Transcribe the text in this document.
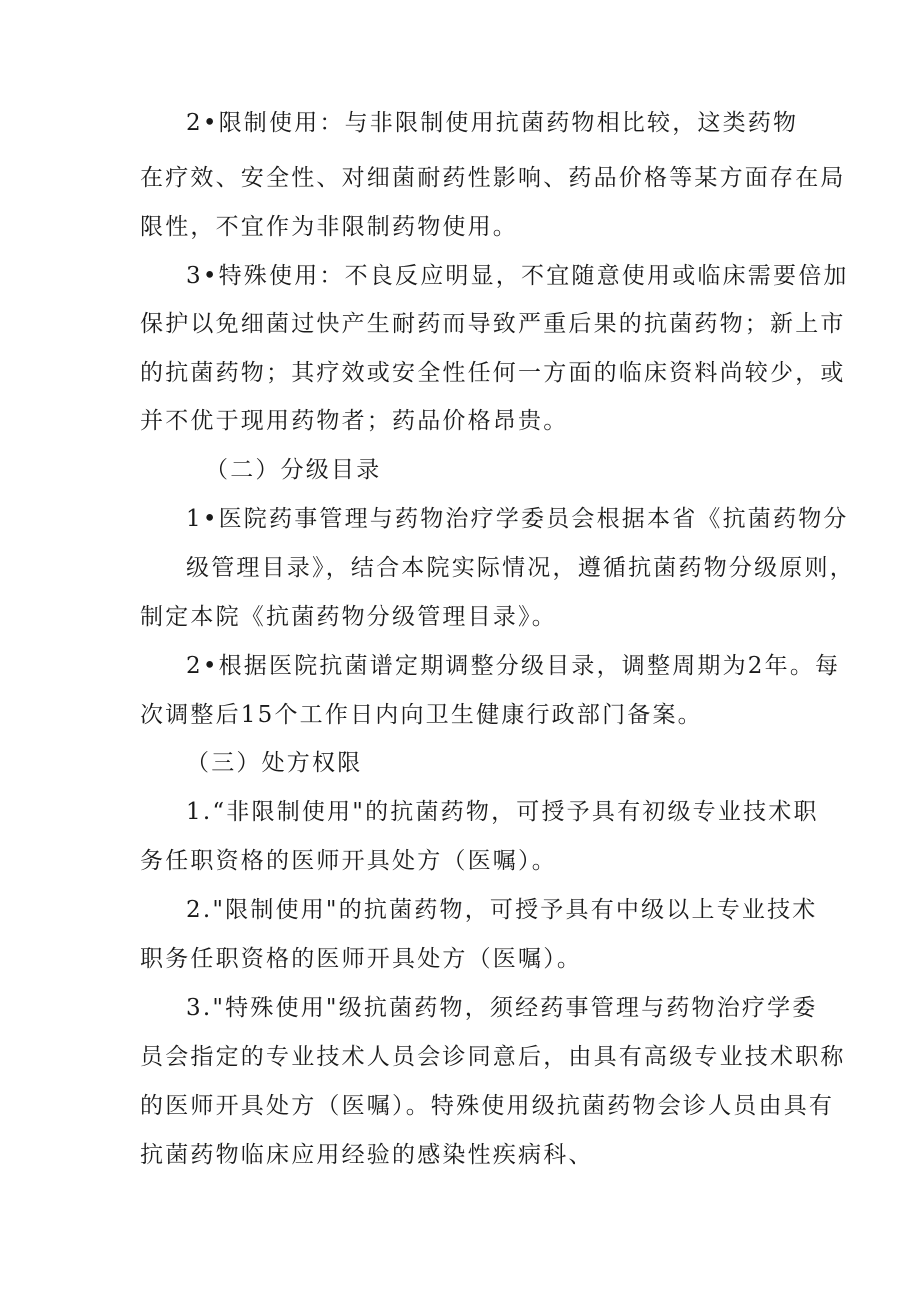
2•限制使用：与非限制使用抗菌药物相比较，这类药物
在疗效、安全性、对细菌耐药性影响、药品价格等某方面存在局
限性，不宜作为非限制药物使用。
3•特殊使用：不良反应明显，不宜随意使用或临床需要倍加
保护以免细菌过快产生耐药而导致严重后果的抗菌药物；新上市
的抗菌药物；其疗效或安全性任何一方面的临床资料尚较少，或
并不优于现用药物者；药品价格昂贵。
（二）分级目录
1•医院药事管理与药物治疗学委员会根据本省《抗菌药物分
级管理目录》，结合本院实际情况，遵循抗菌药物分级原则，
制定本院《抗菌药物分级管理目录》。
2•根据医院抗菌谱定期调整分级目录，调整周期为2年。每
次调整后15个工作日内向卫生健康行政部门备案。
（三）处方权限
1.“非限制使用"的抗菌药物，可授予具有初级专业技术职
务任职资格的医师开具处方（医嘱）。
2."限制使用"的抗菌药物，可授予具有中级以上专业技术
职务任职资格的医师开具处方（医嘱）。
3."特殊使用"级抗菌药物，须经药事管理与药物治疗学委
员会指定的专业技术人员会诊同意后，由具有高级专业技术职称
的医师开具处方（医嘱）。特殊使用级抗菌药物会诊人员由具有
抗菌药物临床应用经验的感染性疾病科、
